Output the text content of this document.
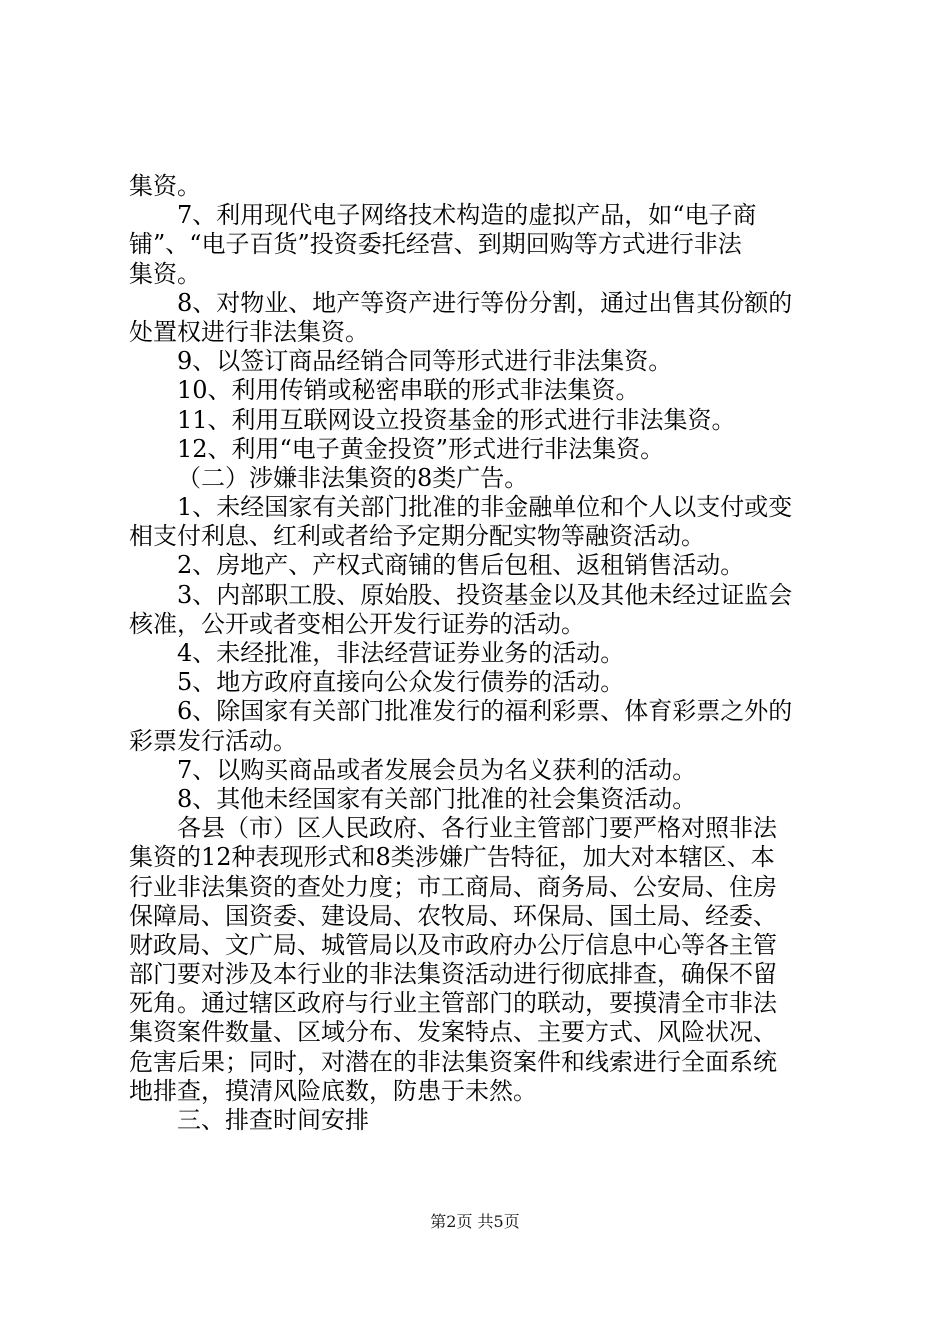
集资。
7、利用现代电子网络技术构造的虚拟产品，如“电子商
铺”、“电子百货”投资委托经营、到期回购等方式进行非法
集资。
8、对物业、地产等资产进行等份分割，通过出售其份额的
处置权进行非法集资。
9、以签订商品经销合同等形式进行非法集资。
10、利用传销或秘密串联的形式非法集资。
11、利用互联网设立投资基金的形式进行非法集资。
12、利用“电子黄金投资”形式进行非法集资。
（二）涉嫌非法集资的8类广告。
1、未经国家有关部门批准的非金融单位和个人以支付或变
相支付利息、红利或者给予定期分配实物等融资活动。
2、房地产、产权式商铺的售后包租、返租销售活动。
3、内部职工股、原始股、投资基金以及其他未经过证监会
核准，公开或者变相公开发行证券的活动。
4、未经批准，非法经营证券业务的活动。
5、地方政府直接向公众发行债券的活动。
6、除国家有关部门批准发行的福利彩票、体育彩票之外的
彩票发行活动。
7、以购买商品或者发展会员为名义获利的活动。
8、其他未经国家有关部门批准的社会集资活动。
各县（市）区人民政府、各行业主管部门要严格对照非法
集资的12种表现形式和8类涉嫌广告特征，加大对本辖区、本
行业非法集资的查处力度；市工商局、商务局、公安局、住房
保障局、国资委、建设局、农牧局、环保局、国土局、经委、
财政局、文广局、城管局以及市政府办公厅信息中心等各主管
部门要对涉及本行业的非法集资活动进行彻底排查，确保不留
死角。通过辖区政府与行业主管部门的联动，要摸清全市非法
集资案件数量、区域分布、发案特点、主要方式、风险状况、
危害后果；同时，对潜在的非法集资案件和线索进行全面系统
地排查，摸清风险底数，防患于未然。
三、排查时间安排
第2页 共5页
